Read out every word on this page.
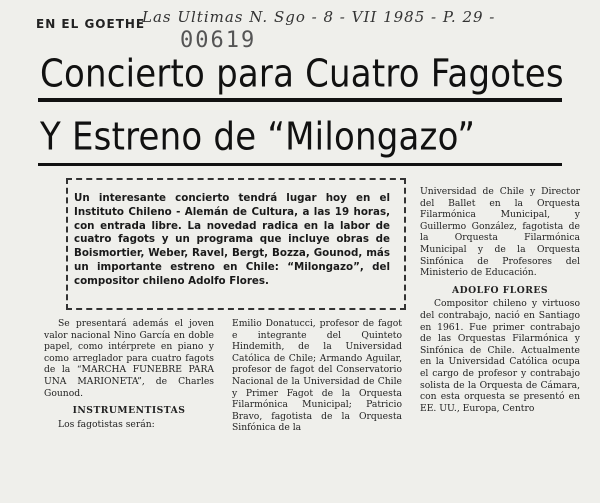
EN EL GOETHE
Las Ultimas N. Sgo - 8 - VII 1985 - P. 29 -
00619
Concierto para Cuatro Fagotes
Y Estreno de “Milongazo”

Un interesante concierto tendrá lugar hoy en el Instituto Chileno - Alemán de Cultura, a las 19 horas, con entrada libre. La novedad radica en la labor de cuatro fagots y un programa que incluye obras de Boismortier, Weber, Ravel, Bergt, Bozza, Gounod, más un importante estreno en Chile: “Milongazo”, del compositor chileno Adolfo Flores.

Se presentará además el joven valor nacional Nino García en doble papel, como intérprete en piano y como arreglador para cuatro fagots de la “MARCHA FUNEBRE PARA UNA MARIONETA”, de Charles Gounod.

INSTRUMENTISTAS

Los fagotistas serán:

Emilio Donatucci, profesor de fagot e integrante del Quinteto Hindemith, de la Universidad Católica de Chile; Armando Aguilar, profesor de fagot del Conservatorio Nacional de la Universidad de Chile y Primer Fagot de la Orquesta Filarmónica Municipal; Patricio Bravo, fagotista de la Orquesta Sinfónica de la

Universidad de Chile y Director del Ballet en la Orquesta Filarmónica Municipal, y Guillermo González, fagotista de la Orquesta Filarmónica Municipal y de la Orquesta Sinfónica de Profesores del Ministerio de Educación.

ADOLFO FLORES

Compositor chileno y virtuoso del contrabajo, nació en Santiago en 1961. Fue primer contrabajo de las Orquestas Filarmónica y Sinfónica de Chile. Actualmente en la Universidad Católica ocupa el cargo de profesor y contrabajo solista de la Orquesta de Cámara, con esta orquesta se presentó en EE. UU., Europa, Centro
